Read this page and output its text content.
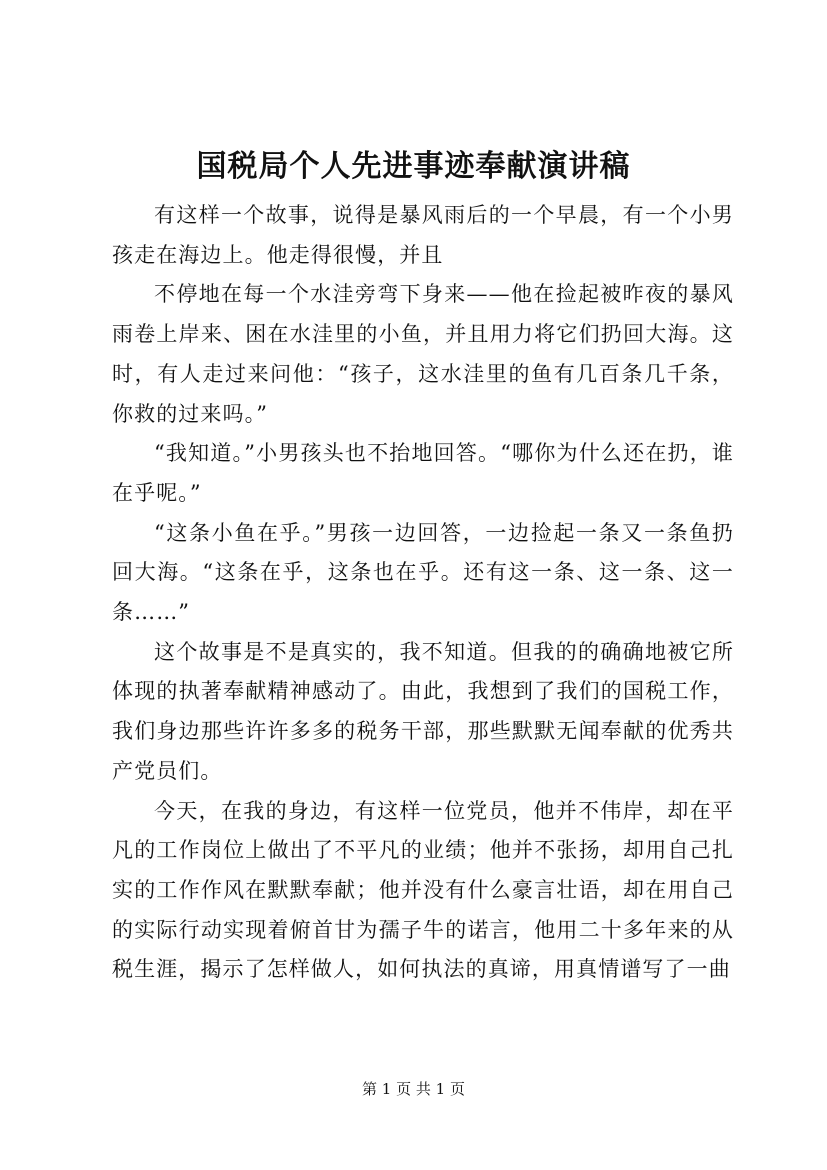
国税局个人先进事迹奉献演讲稿

有这样一个故事，说得是暴风雨后的一个早晨，有一个小男孩走在海边上。他走得很慢，并且

不停地在每一个水洼旁弯下身来——他在捡起被昨夜的暴风雨卷上岸来、困在水洼里的小鱼，并且用力将它们扔回大海。这时，有人走过来问他：“孩子，这水洼里的鱼有几百条几千条，你救的过来吗。”

“我知道。”小男孩头也不抬地回答。“哪你为什么还在扔，谁在乎呢。”

“这条小鱼在乎。”男孩一边回答，一边捡起一条又一条鱼扔回大海。“这条在乎，这条也在乎。还有这一条、这一条、这一条……”

这个故事是不是真实的，我不知道。但我的的确确地被它所体现的执著奉献精神感动了。由此，我想到了我们的国税工作，我们身边那些许许多多的税务干部，那些默默无闻奉献的优秀共产党员们。

今天，在我的身边，有这样一位党员，他并不伟岸，却在平凡的工作岗位上做出了不平凡的业绩；他并不张扬，却用自己扎实的工作作风在默默奉献；他并没有什么豪言壮语，却在用自己的实际行动实现着俯首甘为孺子牛的诺言，他用二十多年来的从税生涯，揭示了怎样做人，如何执法的真谛，用真情谱写了一曲

第 1 页 共 1 页
